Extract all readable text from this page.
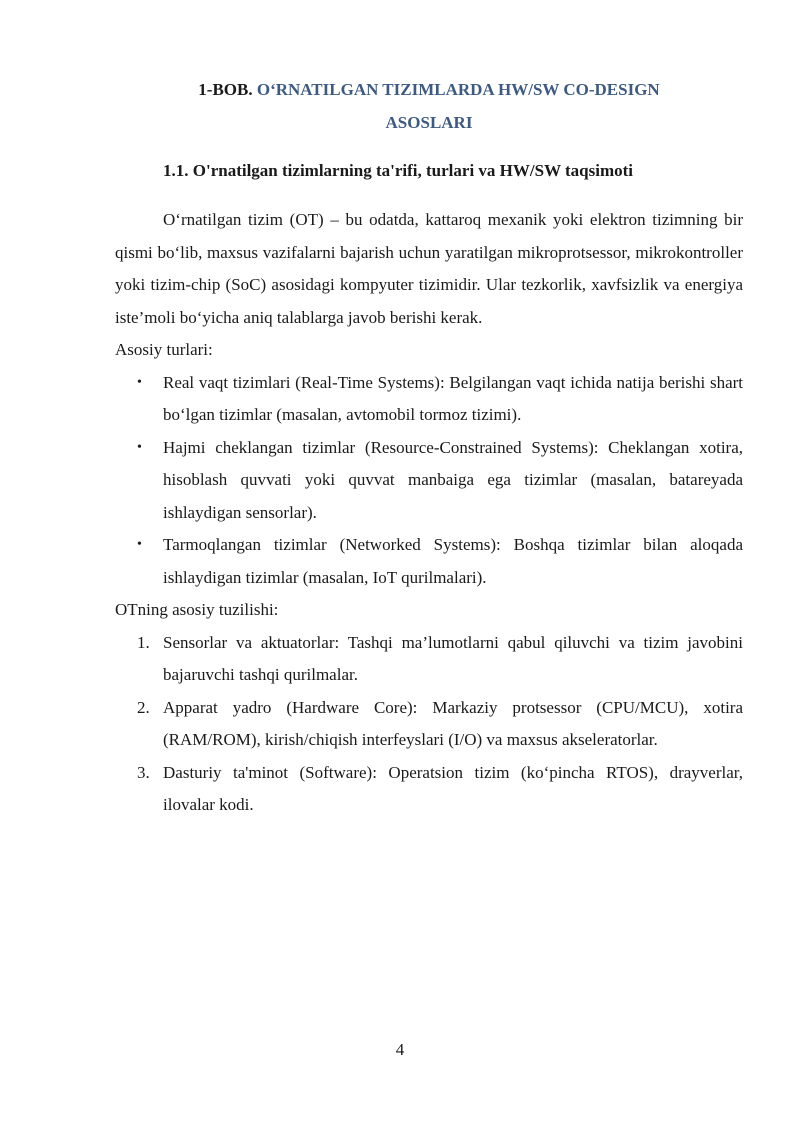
1-BOB. O‘RNATILGAN TIZIMLARDA HW/SW CO-DESIGN
ASOSLARI
1.1. O'rnatilgan tizimlarning ta'rifi, turlari va HW/SW taqsimoti

O‘rnatilgan tizim (OT) – bu odatda, kattaroq mexanik yoki elektron tizimning bir qismi bo‘lib, maxsus vazifalarni bajarish uchun yaratilgan mikroprotsessor, mikrokontroller yoki tizim-chip (SoC) asosidagi kompyuter tizimidir. Ular tezkorlik, xavfsizlik va energiya iste’moli bo‘yicha aniq talablarga javob berishi kerak.

Asosiy turlari:

• Real vaqt tizimlari (Real-Time Systems): Belgilangan vaqt ichida natija berishi shart bo‘lgan tizimlar (masalan, avtomobil tormoz tizimi).
• Hajmi cheklangan tizimlar (Resource-Constrained Systems): Cheklangan xotira, hisoblash quvvati yoki quvvat manbaiga ega tizimlar (masalan, batareyada ishlaydigan sensorlar).
• Tarmoqlangan tizimlar (Networked Systems): Boshqa tizimlar bilan aloqada ishlaydigan tizimlar (masalan, IoT qurilmalari).

OTning asosiy tuzilishi:

1. Sensorlar va aktuatorlar: Tashqi ma’lumotlarni qabul qiluvchi va tizim javobini bajaruvchi tashqi qurilmalar.
2. Apparat yadro (Hardware Core): Markaziy protsessor (CPU/MCU), xotira (RAM/ROM), kirish/chiqish interfeyslari (I/O) va maxsus akseleratorlar.
3. Dasturiy ta'minot (Software): Operatsion tizim (ko‘pincha RTOS), drayverlar, ilovalar kodi.
4
